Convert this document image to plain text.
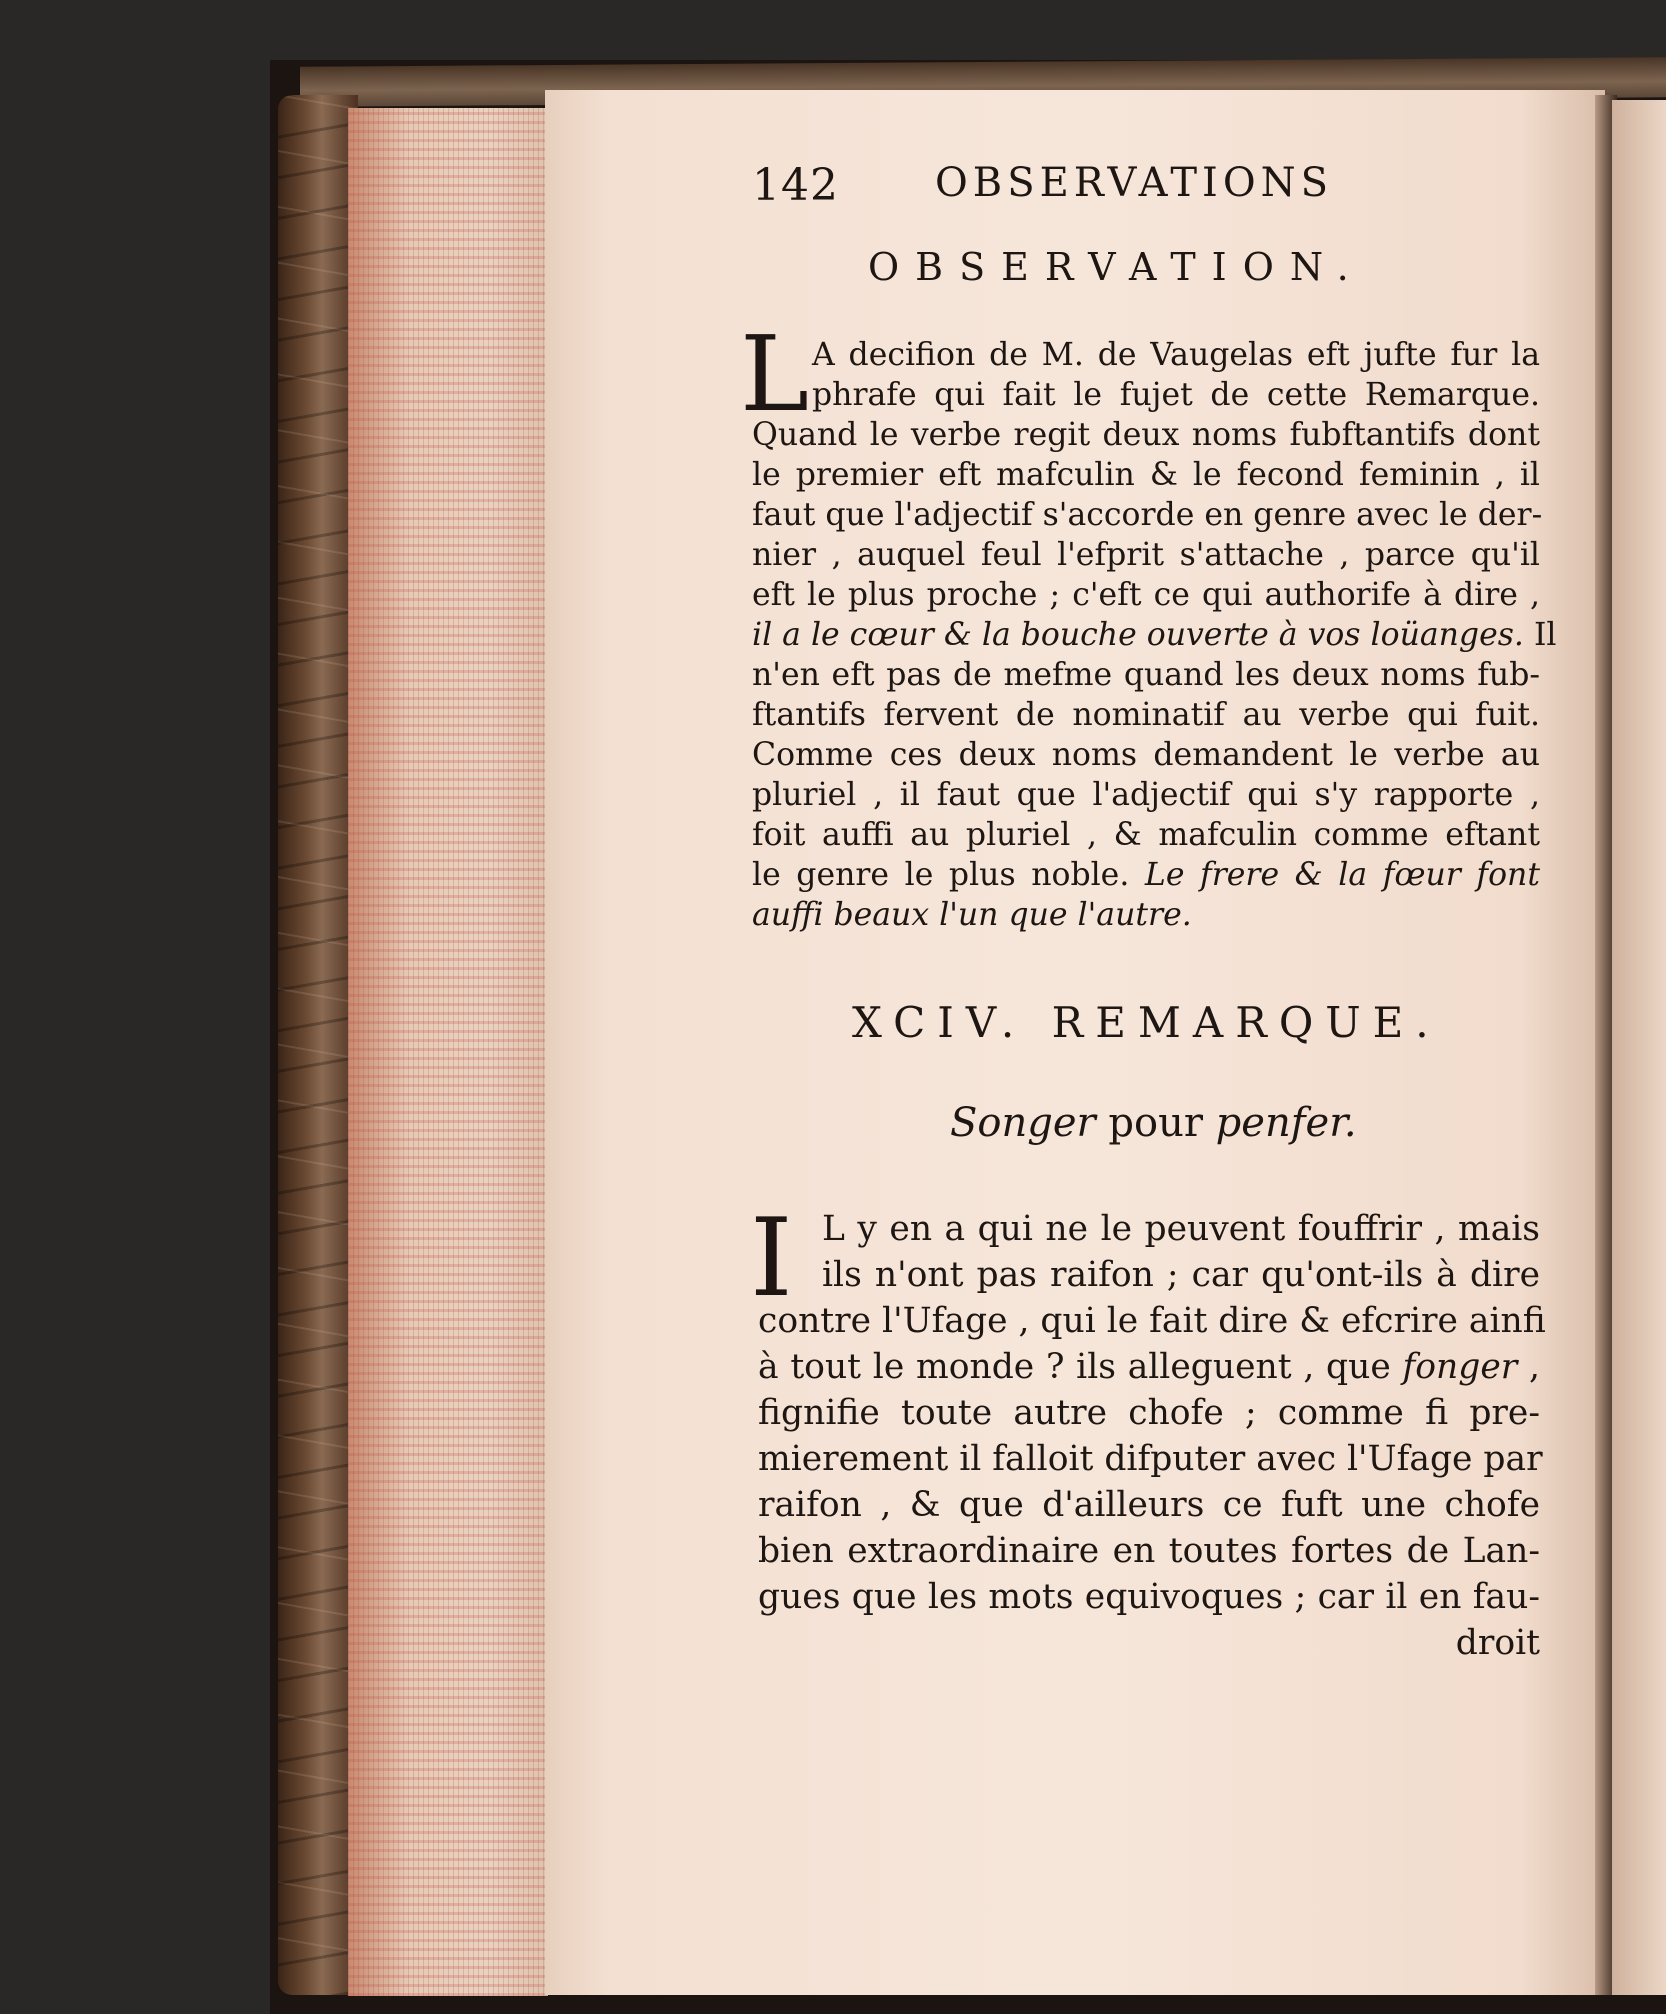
142 OBSERVATIONS
OBSERVATION.
L A decifion de M. de Vaugelas eft jufte fur la
phrafe qui fait le fujet de cette Remarque.
Quand le verbe regit deux noms fubftantifs dont
le premier eft mafculin & le fecond feminin , il
faut que l'adjectif s'accorde en genre avec le der-
nier , auquel feul l'efprit s'attache , parce qu'il
eft le plus proche ; c'eft ce qui authorife à dire ,
il a le cœur & la bouche ouverte à vos loüanges. Il
n'en eft pas de mefme quand les deux noms fub-
ftantifs fervent de nominatif au verbe qui fuit.
Comme ces deux noms demandent le verbe au
pluriel , il faut que l'adjectif qui s'y rapporte ,
foit auffi au pluriel , & mafculin comme eftant
le genre le plus noble. Le frere & la fœur font
auffi beaux l'un que l'autre.
XCIV. REMARQUE.
Songer pour penfer.
I L y en a qui ne le peuvent fouffrir , mais
ils n'ont pas raifon ; car qu'ont-ils à dire
contre l'Ufage , qui le fait dire & efcrire ainfi
à tout le monde ? ils alleguent , que fonger ,
fignifie toute autre chofe ; comme fi pre-
mierement il falloit difputer avec l'Ufage par
raifon , & que d'ailleurs ce fuft une chofe
bien extraordinaire en toutes fortes de Lan-
gues que les mots equivoques ; car il en fau-
droit
